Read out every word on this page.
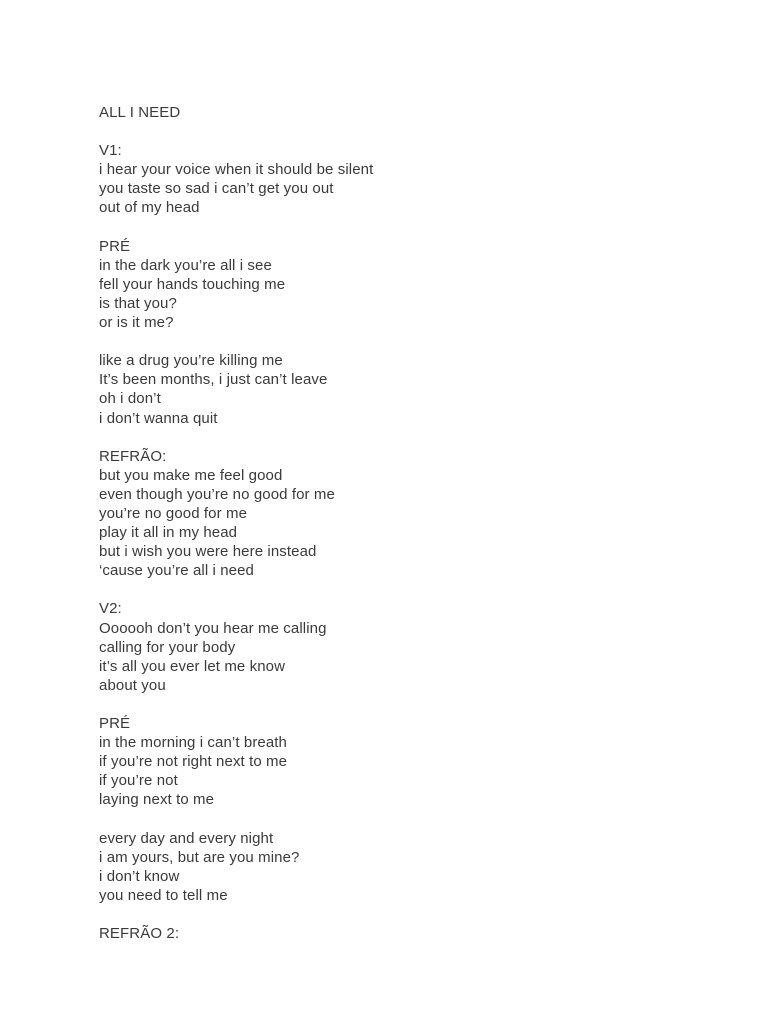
ALL I NEED
V1:
i hear your voice when it should be silent
you taste so sad i can’t get you out
out of my head
PRÉ
in the dark you’re all i see
fell your hands touching me
is that you?
or is it me?
like a drug you’re killing me
It’s been months, i just can’t leave
oh i don’t
i don’t wanna quit
REFRÃO:
but you make me feel good
even though you’re no good for me
you’re no good for me
play it all in my head
but i wish you were here instead
‘cause you’re all i need
V2:
Oooooh don’t you hear me calling
calling for your body
it’s all you ever let me know
about you
PRÉ
in the morning i can’t breath
if you’re not right next to me
if you’re not
laying next to me
every day and every night
i am yours, but are you mine?
i don’t know
you need to tell me
REFRÃO 2:
